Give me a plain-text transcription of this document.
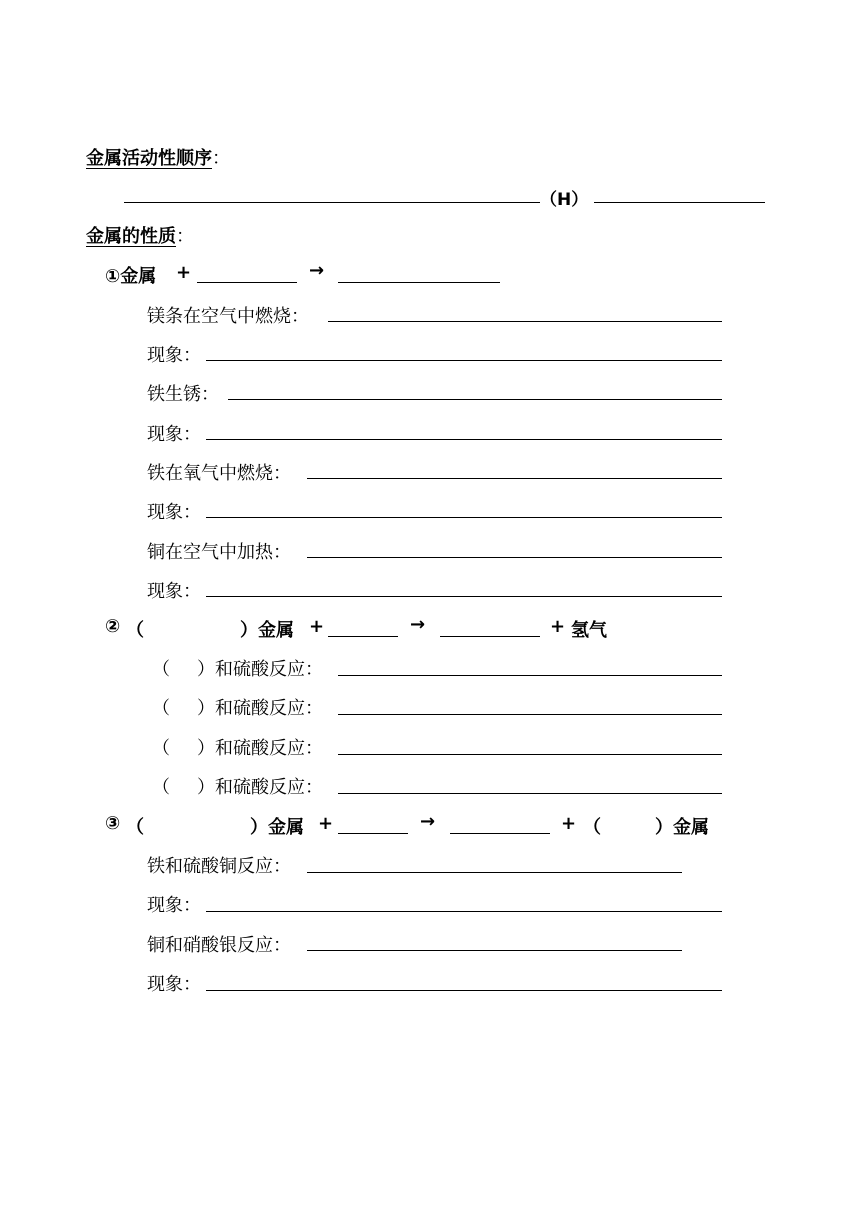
金属活动性顺序：
（H）
金属的性质：
①金属 +	→
镁条在空气中燃烧：
现象：
铁生锈：
现象：
铁在氧气中燃烧：
现象：
铜在空气中加热：
现象：
② （	）金属 +	→	+ 氢气
（ ）和硫酸反应：
（ ）和硫酸反应：
（ ）和硫酸反应：
（ ）和硫酸反应：
③ （	）金属 +	→	+ （	）金属
铁和硫酸铜反应：
现象：
铜和硝酸银反应：
现象：
